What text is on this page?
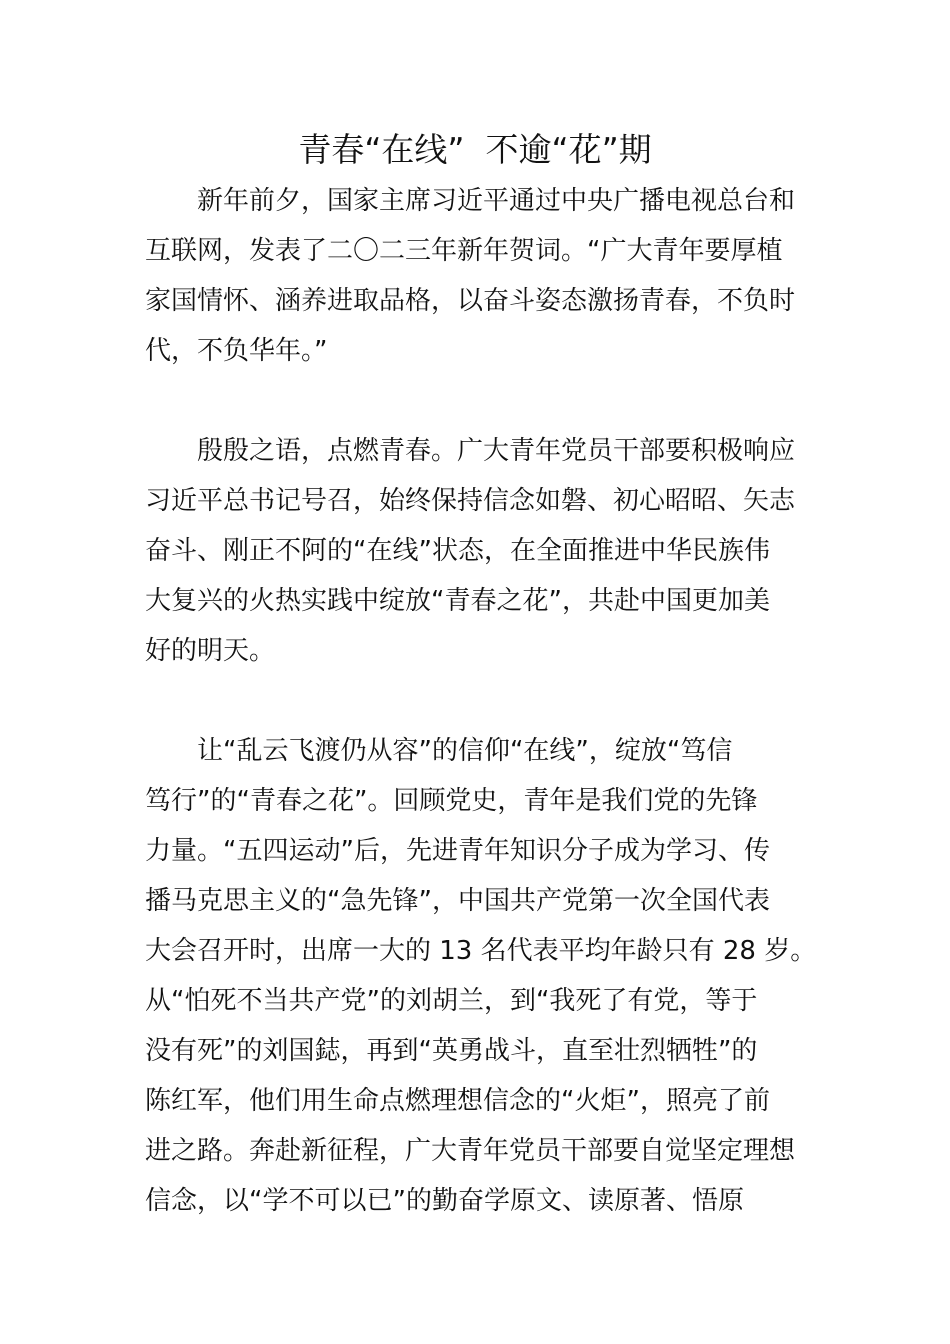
青春“在线”  不逾“花”期
新年前夕，国家主席习近平通过中央广播电视总台和
互联网，发表了二〇二三年新年贺词。“广大青年要厚植
家国情怀、涵养进取品格，以奋斗姿态激扬青春，不负时
代，不负华年。”
殷殷之语，点燃青春。广大青年党员干部要积极响应
习近平总书记号召，始终保持信念如磐、初心昭昭、矢志
奋斗、刚正不阿的“在线”状态，在全面推进中华民族伟
大复兴的火热实践中绽放“青春之花”，共赴中国更加美
好的明天。
让“乱云飞渡仍从容”的信仰“在线”，绽放“笃信
笃行”的“青春之花”。回顾党史，青年是我们党的先锋
力量。“五四运动”后，先进青年知识分子成为学习、传
播马克思主义的“急先锋”，中国共产党第一次全国代表
大会召开时，出席一大的 13 名代表平均年龄只有 28 岁。
从“怕死不当共产党”的刘胡兰，到“我死了有党，等于
没有死”的刘国鋕，再到“英勇战斗，直至壮烈牺牲”的
陈红军，他们用生命点燃理想信念的“火炬”，照亮了前
进之路。奔赴新征程，广大青年党员干部要自觉坚定理想
信念，以“学不可以已”的勤奋学原文、读原著、悟原
